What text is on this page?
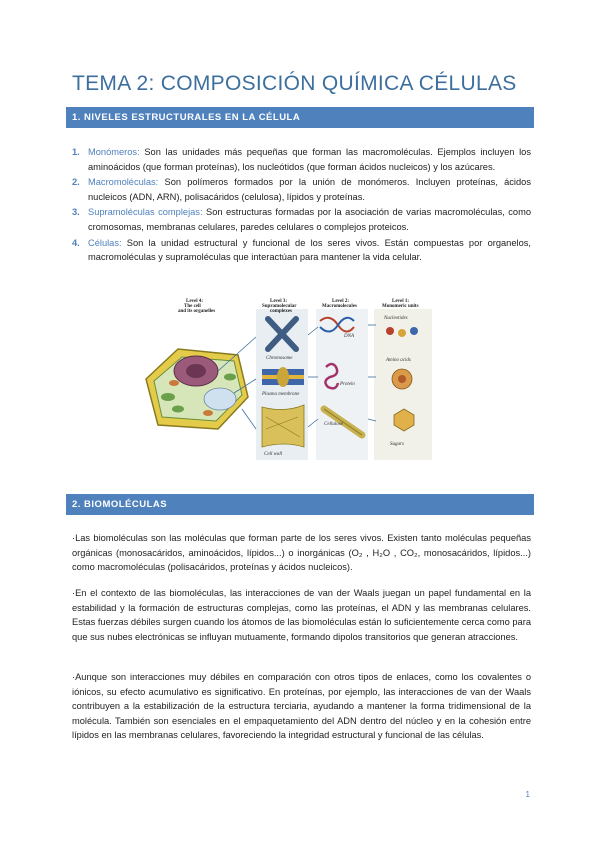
TEMA 2: COMPOSICIÓN QUÍMICA CÉLULAS
1. NIVELES ESTRUCTURALES EN LA CÉLULA
1. Monómeros: Son las unidades más pequeñas que forman las macromoléculas. Ejemplos incluyen los aminoácidos (que forman proteínas), los nucleótidos (que forman ácidos nucleicos) y los azúcares.
2. Macromoléculas: Son polímeros formados por la unión de monómeros. Incluyen proteínas, ácidos nucleicos (ADN, ARN), polisacáridos (celulosa), lípidos y proteínas.
3. Supramoléculas complejas: Son estructuras formadas por la asociación de varias macromoléculas, como cromosomas, membranas celulares, paredes celulares o complejos proteicos.
4. Células: Son la unidad estructural y funcional de los seres vivos. Están compuestas por organelos, macromoléculas y supramoléculas que interactúan para mantener la vida celular.
Level 4:
The cell
and its organelles
Level 3:
Supramolecular
complexes
Level 2:
Macromolecules
Level 1:
Monomeric units
Chromosome
Plasma membrane
Cell wall
DNA
Protein
Cellulose
Nucleotides
Amino acids
Sugars
2. BIOMOLÉCULAS

·Las biomoléculas son las moléculas que forman parte de los seres vivos. Existen tanto moléculas pequeñas orgánicas (monosacáridos, aminoácidos, lípidos...) o inorgánicas (O₂ , H₂O , CO₂, monosacáridos, lípidos...) como macromoléculas (polisacáridos, proteínas y ácidos nucleicos).

·En el contexto de las biomoléculas, las interacciones de van der Waals juegan un papel fundamental en la estabilidad y la formación de estructuras complejas, como las proteínas, el ADN y las membranas celulares. Estas fuerzas débiles surgen cuando los átomos de las biomoléculas están lo suficientemente cerca como para que sus nubes electrónicas se influyan mutuamente, formando dipolos transitorios que generan atracciones.

·Aunque son interacciones muy débiles en comparación con otros tipos de enlaces, como los covalentes o iónicos, su efecto acumulativo es significativo. En proteínas, por ejemplo, las interacciones de van der Waals contribuyen a la estabilización de la estructura terciaria, ayudando a mantener la forma tridimensional de la molécula. También son esenciales en el empaquetamiento del ADN dentro del núcleo y en la cohesión entre lípidos en las membranas celulares, favoreciendo la integridad estructural y funcional de las células.

1
